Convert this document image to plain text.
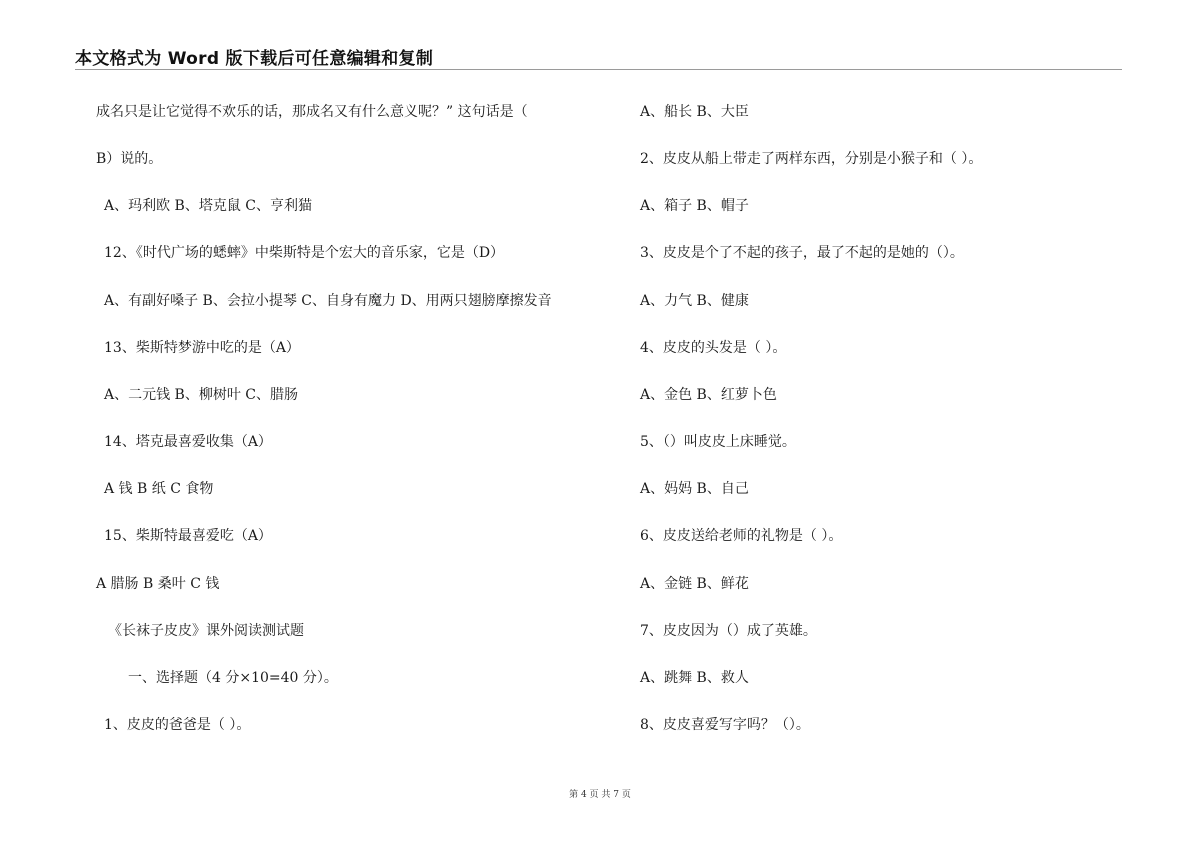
本文格式为 Word 版下载后可任意编辑和复制
成名只是让它觉得不欢乐的话，那成名又有什么意义呢？” 这句话是（
B）说的。
A、玛利欧 B、塔克鼠 C、亨利猫
12、《时代广场的蟋蟀》中柴斯特是个宏大的音乐家，它是（D）
A、有副好嗓子 B、会拉小提琴 C、自身有魔力 D、用两只翅膀摩擦发音
13、柴斯特梦游中吃的是（A）
A、二元钱 B、柳树叶 C、腊肠
14、塔克最喜爱收集（A）
A 钱 B 纸 C 食物
15、柴斯特最喜爱吃（A）
A 腊肠 B 桑叶 C 钱
《长袜子皮皮》课外阅读测试题
一、选择题（4 分×10=40 分）。
1、皮皮的爸爸是（ ）。
A、船长 B、大臣
2、皮皮从船上带走了两样东西，分别是小猴子和（ ）。
A、箱子 B、帽子
3、皮皮是个了不起的孩子，最了不起的是她的（）。
A、力气 B、健康
4、皮皮的头发是（ ）。
A、金色 B、红萝卜色
5、（）叫皮皮上床睡觉。
A、妈妈 B、自己
6、皮皮送给老师的礼物是（ ）。
A、金链 B、鲜花
7、皮皮因为（）成了英雄。
A、跳舞 B、救人
8、皮皮喜爱写字吗？（）。
第 4 页 共 7 页
